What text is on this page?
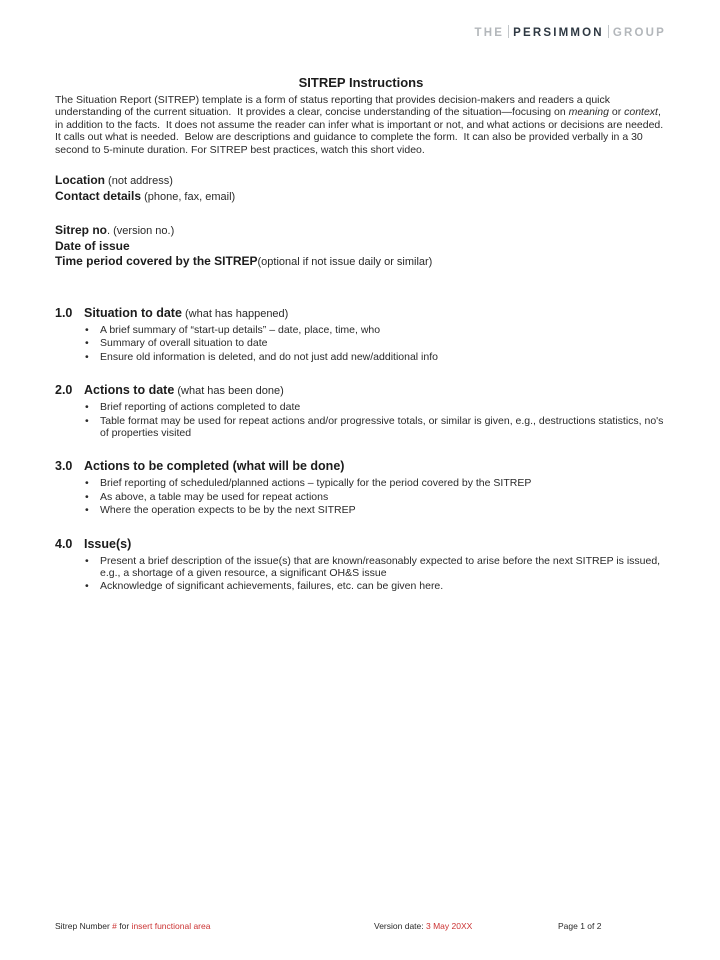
THE PERSIMMON GROUP
SITREP Instructions

The Situation Report (SITREP) template is a form of status reporting that provides decision-makers and readers a quick understanding of the current situation.  It provides a clear, concise understanding of the situation—focusing on meaning or context, in addition to the facts.  It does not assume the reader can infer what is important or not, and what actions or decisions are needed.  It calls out what is needed.  Below are descriptions and guidance to complete the form.  It can also be provided verbally in a 30 second to 5-minute duration. For SITREP best practices, watch this short video.

Location (not address)

Contact details (phone, fax, email)

Sitrep no. (version no.)

Date of issue

Time period covered by the SITREP(optional if not issue daily or similar)

1.0 Situation to date (what has happened)

• A brief summary of “start-up details” – date, place, time, who
• Summary of overall situation to date
• Ensure old information is deleted, and do not just add new/additional info

2.0 Actions to date (what has been done)

• Brief reporting of actions completed to date
• Table format may be used for repeat actions and/or progressive totals, or similar is given, e.g., destructions statistics, no's of properties visited

3.0 Actions to be completed (what will be done)

• Brief reporting of scheduled/planned actions – typically for the period covered by the SITREP
• As above, a table may be used for repeat actions
• Where the operation expects to be by the next SITREP

4.0 Issue(s)

• Present a brief description of the issue(s) that are known/reasonably expected to arise before the next SITREP is issued, e.g., a shortage of a given resource, a significant OH&S issue
• Acknowledge of significant achievements, failures, etc. can be given here.
Sitrep Number # for insert functional area	Version date: 3 May 20XX	Page 1 of 2
